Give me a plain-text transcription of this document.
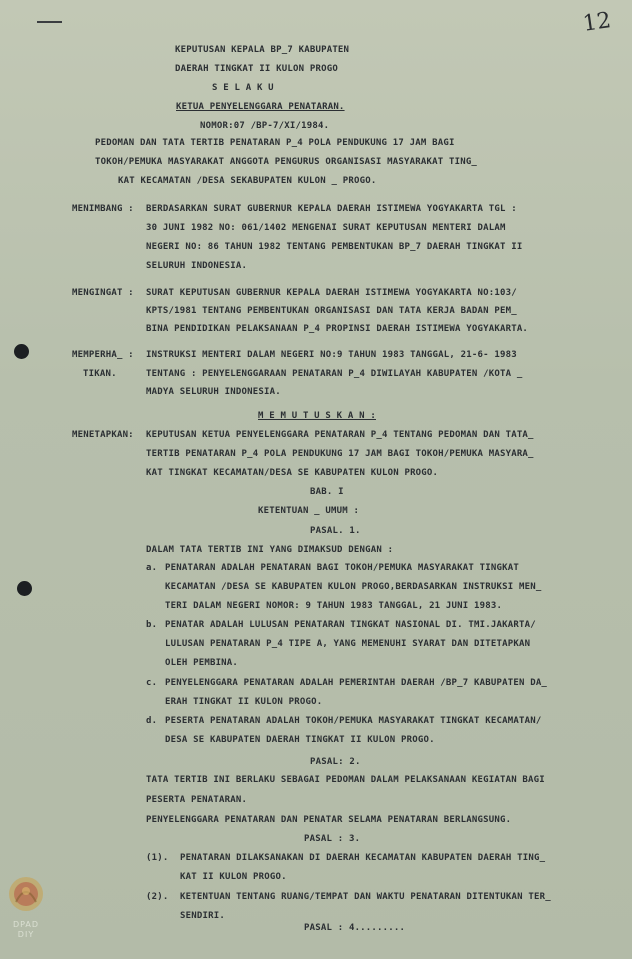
12
KEPUTUSAN KEPALA BP_7 KABUPATEN
DAERAH TINGKAT II KULON PROGO
S E L A K U
KETUA PENYELENGGARA PENATARAN.
NOMOR:07 /BP-7/XI/1984.
PEDOMAN DAN TATA TERTIB PENATARAN P_4 POLA PENDUKUNG 17 JAM BAGI
TOKOH/PEMUKA MASYARAKAT ANGGOTA PENGURUS ORGANISASI MASYARAKAT TING_
KAT KECAMATAN /DESA SEKABUPATEN KULON _ PROGO.
MENIMBANG : BERDASARKAN SURAT GUBERNUR KEPALA DAERAH ISTIMEWA YOGYAKARTA TGL :
30 JUNI 1982 NO: 061/1402 MENGENAI SURAT KEPUTUSAN MENTERI DALAM
NEGERI NO: 86 TAHUN 1982 TENTANG PEMBENTUKAN BP_7 DAERAH TINGKAT II
SELURUH INDONESIA.
MENGINGAT : SURAT KEPUTUSAN GUBERNUR KEPALA DAERAH ISTIMEWA YOGYAKARTA NO:103/
KPTS/1981 TENTANG PEMBENTUKAN ORGANISASI DAN TATA KERJA BADAN PEM_
BINA PENDIDIKAN PELAKSANAAN P_4 PROPINSI DAERAH ISTIMEWA YOGYAKARTA.
MEMPERHA_ :
TIKAN.
INSTRUKSI MENTERI DALAM NEGERI NO:9 TAHUN 1983 TANGGAL, 21-6- 1983
TENTANG : PENYELENGGARAAN PENATARAN P_4 DIWILAYAH KABUPATEN /KOTA _
MADYA SELURUH INDONESIA.
M E M U T U S K A N :
MENETAPKAN: KEPUTUSAN KETUA PENYELENGGARA PENATARAN P_4 TENTANG PEDOMAN DAN TATA_
TERTIB PENATARAN P_4 POLA PENDUKUNG 17 JAM BAGI TOKOH/PEMUKA MASYARA_
KAT TINGKAT KECAMATAN/DESA SE KABUPATEN KULON PROGO.
BAB. I
KETENTUAN _ UMUM :
PASAL. 1.
DALAM TATA TERTIB INI YANG DIMAKSUD DENGAN :
a. PENATARAN ADALAH PENATARAN BAGI TOKOH/PEMUKA MASYARAKAT TINGKAT
KECAMATAN /DESA SE KABUPATEN KULON PROGO,BERDASARKAN INSTRUKSI MEN_
TERI DALAM NEGERI NOMOR: 9 TAHUN 1983 TANGGAL, 21 JUNI 1983.
b. PENATAR ADALAH LULUSAN PENATARAN TINGKAT NASIONAL DI. TMI.JAKARTA/
LULUSAN PENATARAN P_4 TIPE A, YANG MEMENUHI SYARAT DAN DITETAPKAN
OLEH PEMBINA.
c. PENYELENGGARA PENATARAN ADALAH PEMERINTAH DAERAH /BP_7 KABUPATEN DA_
ERAH TINGKAT II KULON PROGO.
d. PESERTA PENATARAN ADALAH TOKOH/PEMUKA MASYARAKAT TINGKAT KECAMATAN/
DESA SE KABUPATEN DAERAH TINGKAT II KULON PROGO.
PASAL: 2.
TATA TERTIB INI BERLAKU SEBAGAI PEDOMAN DALAM PELAKSANAAN KEGIATAN BAGI
PESERTA PENATARAN.
PENYELENGGARA PENATARAN DAN PENATAR SELAMA PENATARAN BERLANGSUNG.
PASAL : 3.
(1). PENATARAN DILAKSANAKAN DI DAERAH KECAMATAN KABUPATEN DAERAH TING_
KAT II KULON PROGO.
(2). KETENTUAN TENTANG RUANG/TEMPAT DAN WAKTU PENATARAN DITENTUKAN TER_
SENDIRI.
PASAL : 4.........
DPAD DIY
